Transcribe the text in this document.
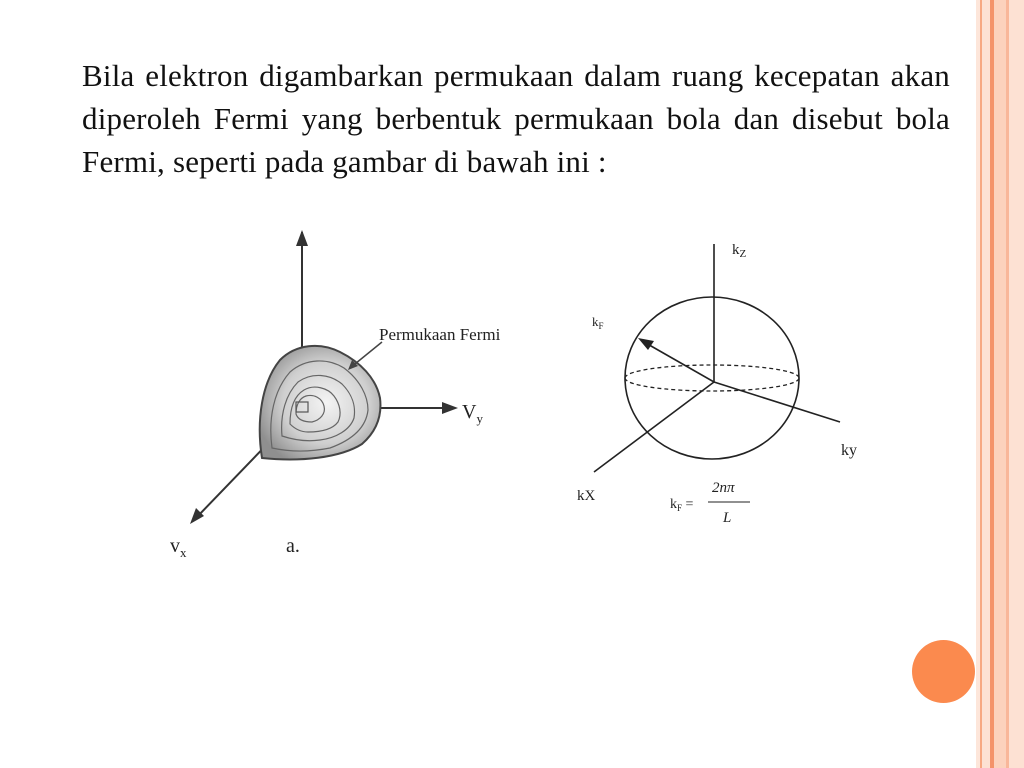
Bila elektron digambarkan permukaan dalam ruang kecepatan akan diperoleh Fermi yang berbentuk permukaan bola dan disebut bola Fermi, seperti pada gambar di bawah ini :
Permukaan Fermi
$V_y$
$v_x$	a.
$k_Z$
$k_F$
ky
kX
$k_F$ =
2nπ
L
